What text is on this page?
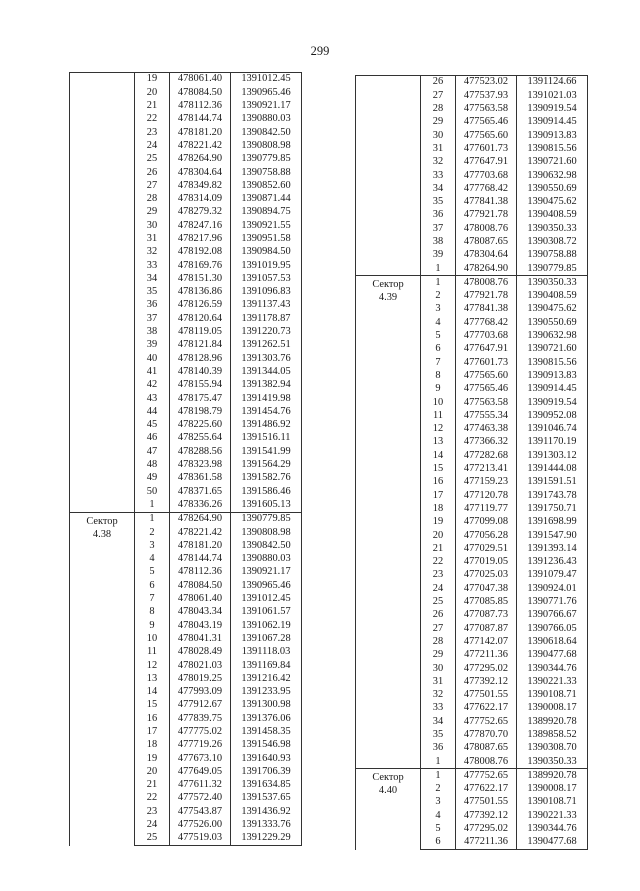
299
	19	478061.40	1391012.45
	20	478084.50	1390965.46
	21	478112.36	1390921.17
	22	478144.74	1390880.03
	23	478181.20	1390842.50
	24	478221.42	1390808.98
	25	478264.90	1390779.85
	26	478304.64	1390758.88
	27	478349.82	1390852.60
	28	478314.09	1390871.44
	29	478279.32	1390894.75
	30	478247.16	1390921.55
	31	478217.96	1390951.58
	32	478192.08	1390984.50
	33	478169.76	1391019.95
	34	478151.30	1391057.53
	35	478136.86	1391096.83
	36	478126.59	1391137.43
	37	478120.64	1391178.87
	38	478119.05	1391220.73
	39	478121.84	1391262.51
	40	478128.96	1391303.76
	41	478140.39	1391344.05
	42	478155.94	1391382.94
	43	478175.47	1391419.98
	44	478198.79	1391454.76
	45	478225.60	1391486.92
	46	478255.64	1391516.11
	47	478288.56	1391541.99
	48	478323.98	1391564.29
	49	478361.58	1391582.76
	50	478371.65	1391586.46
	1	478336.26	1391605.13

Сектор
4.38	1	478264.90	1390779.85
	2	478221.42	1390808.98
	3	478181.20	1390842.50
	4	478144.74	1390880.03
	5	478112.36	1390921.17
	6	478084.50	1390965.46
	7	478061.40	1391012.45
	8	478043.34	1391061.57
	9	478043.19	1391062.19
	10	478041.31	1391067.28
	11	478028.49	1391118.03
	12	478021.03	1391169.84
	13	478019.25	1391216.42
	14	477993.09	1391233.95
	15	477912.67	1391300.98
	16	477839.75	1391376.06
	17	477775.02	1391458.35
	18	477719.26	1391546.98
	19	477673.10	1391640.93
	20	477649.05	1391706.39
	21	477611.32	1391634.85
	22	477572.40	1391537.65
	23	477543.87	1391436.92
	24	477526.00	1391333.76
	25	477519.03	1391229.29
	26	477523.02	1391124.66
	27	477537.93	1391021.03
	28	477563.58	1390919.54
	29	477565.46	1390914.45
	30	477565.60	1390913.83
	31	477601.73	1390815.56
	32	477647.91	1390721.60
	33	477703.68	1390632.98
	34	477768.42	1390550.69
	35	477841.38	1390475.62
	36	477921.78	1390408.59
	37	478008.76	1390350.33
	38	478087.65	1390308.72
	39	478304.64	1390758.88
	1	478264.90	1390779.85

Сектор
4.39	1	478008.76	1390350.33
	2	477921.78	1390408.59
	3	477841.38	1390475.62
	4	477768.42	1390550.69
	5	477703.68	1390632.98
	6	477647.91	1390721.60
	7	477601.73	1390815.56
	8	477565.60	1390913.83
	9	477565.46	1390914.45
	10	477563.58	1390919.54
	11	477555.34	1390952.08
	12	477463.38	1391046.74
	13	477366.32	1391170.19
	14	477282.68	1391303.12
	15	477213.41	1391444.08
	16	477159.23	1391591.51
	17	477120.78	1391743.78
	18	477119.77	1391750.71
	19	477099.08	1391698.99
	20	477056.28	1391547.90
	21	477029.51	1391393.14
	22	477019.05	1391236.43
	23	477025.03	1391079.47
	24	477047.38	1390924.01
	25	477085.85	1390771.76
	26	477087.73	1390766.67
	27	477087.87	1390766.05
	28	477142.07	1390618.64
	29	477211.36	1390477.68
	30	477295.02	1390344.76
	31	477392.12	1390221.33
	32	477501.55	1390108.71
	33	477622.17	1390008.17
	34	477752.65	1389920.78
	35	477870.70	1389858.52
	36	478087.65	1390308.70
	1	478008.76	1390350.33

Сектор
4.40	1	477752.65	1389920.78
	2	477622.17	1390008.17
	3	477501.55	1390108.71
	4	477392.12	1390221.33
	5	477295.02	1390344.76
	6	477211.36	1390477.68
